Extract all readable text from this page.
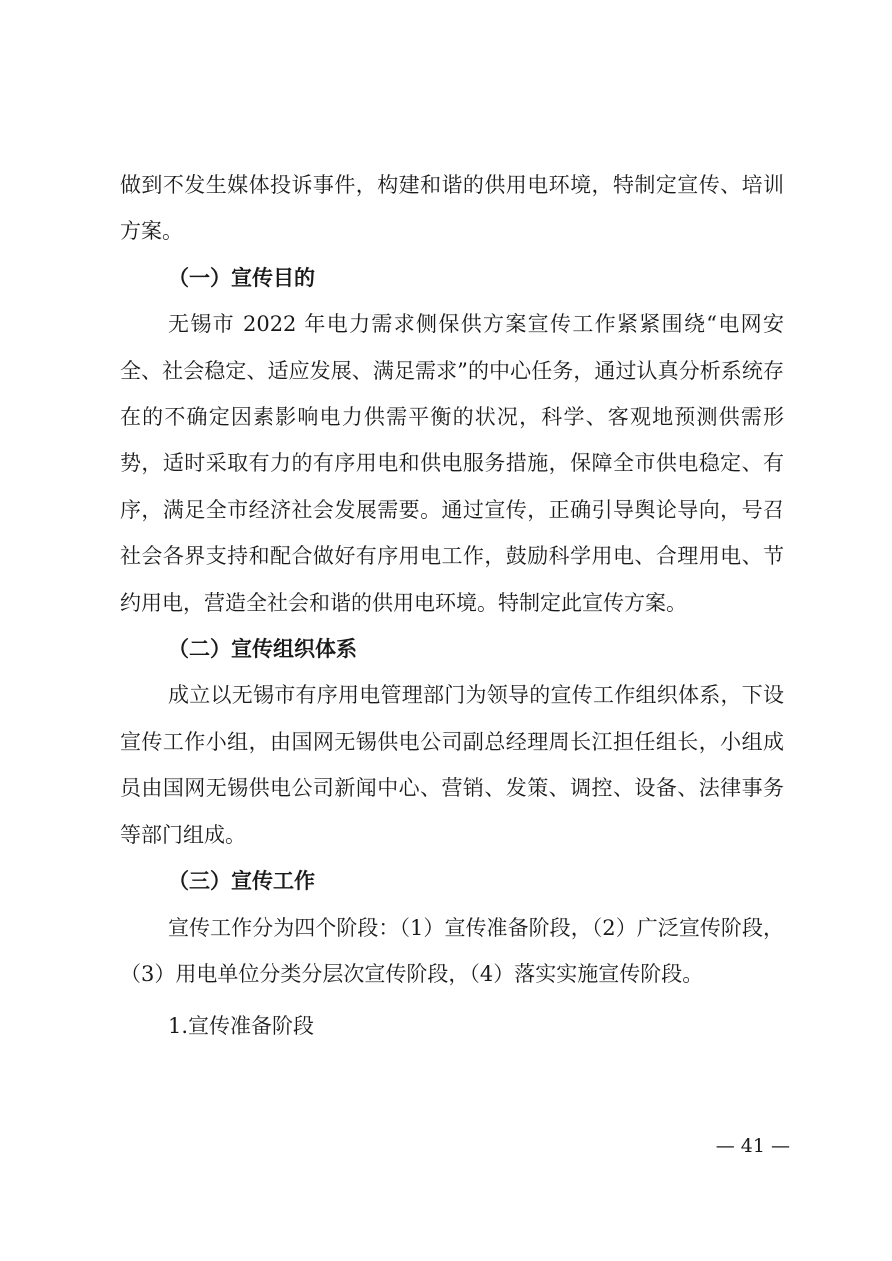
做到不发生媒体投诉事件，构建和谐的供用电环境，特制定宣传、培训方案。

（一）宣传目的

无锡市 2022 年电力需求侧保供方案宣传工作紧紧围绕“电网安全、社会稳定、适应发展、满足需求”的中心任务，通过认真分析系统存在的不确定因素影响电力供需平衡的状况，科学、客观地预测供需形势，适时采取有力的有序用电和供电服务措施，保障全市供电稳定、有序，满足全市经济社会发展需要。通过宣传，正确引导舆论导向，号召社会各界支持和配合做好有序用电工作，鼓励科学用电、合理用电、节约用电，营造全社会和谐的供用电环境。特制定此宣传方案。

（二）宣传组织体系

成立以无锡市有序用电管理部门为领导的宣传工作组织体系，下设宣传工作小组，由国网无锡供电公司副总经理周长江担任组长，小组成员由国网无锡供电公司新闻中心、营销、发策、调控、设备、法律事务等部门组成。

（三）宣传工作

宣传工作分为四个阶段：（1）宣传准备阶段，（2）广泛宣传阶段，（3）用电单位分类分层次宣传阶段，（4）落实实施宣传阶段。

1.宣传准备阶段

— 41 —
